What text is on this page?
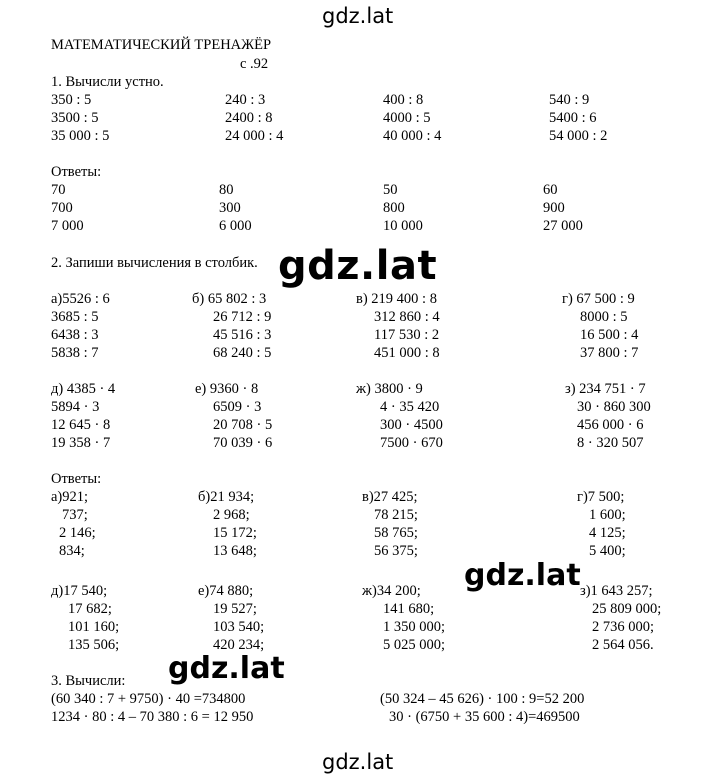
gdz.lat
gdz.lat
gdz.lat
gdz.lat
gdz.lat
МАТЕМАТИЧЕСКИЙ ТРЕНАЖЁР
с .92
1. Вычисли устно.
350 : 5
3500 : 5
35 000 : 5
240 : 3
2400 : 8
24 000 : 4
400 : 8
4000 : 5
40 000 : 4
540 : 9
5400 : 6
54 000 : 2
Ответы:
70
700
7 000
80
300
6 000
50
800
10 000
60
900
27 000
2. Запиши вычисления в столбик.
а)5526 : 6
3685 : 5
6438 : 3
5838 : 7
б) 65 802 : 3
26 712 : 9
45 516 : 3
68 240 : 5
в) 219 400 : 8
312 860 : 4
117 530 : 2
451 000 : 8
г) 67 500 : 9
8000 : 5
16 500 : 4
37 800 : 7
д) 4385 · 4
5894 · 3
12 645 · 8
19 358 · 7
е) 9360 · 8
6509 · 3
20 708 · 5
70 039 · 6
ж) 3800 · 9
4 · 35 420
300 · 4500
7500 · 670
з) 234 751 · 7
30 · 860 300
456 000 · 6
8 · 320 507
Ответы:
а)921;
737;
2 146;
834;
б)21 934;
2 968;
15 172;
13 648;
в)27 425;
78 215;
58 765;
56 375;
г)7 500;
1 600;
4 125;
5 400;
д)17 540;
17 682;
101 160;
135 506;
е)74 880;
19 527;
103 540;
420 234;
ж)34 200;
141 680;
1 350 000;
5 025 000;
з)1 643 257;
25 809 000;
2 736 000;
2 564 056.
3. Вычисли:
(60 340 : 7 + 9750) · 40 =734800
1234 · 80 : 4 – 70 380 : 6 = 12 950
(50 324 – 45 626) · 100 : 9=52 200
30 · (6750 + 35 600 : 4)=469500
